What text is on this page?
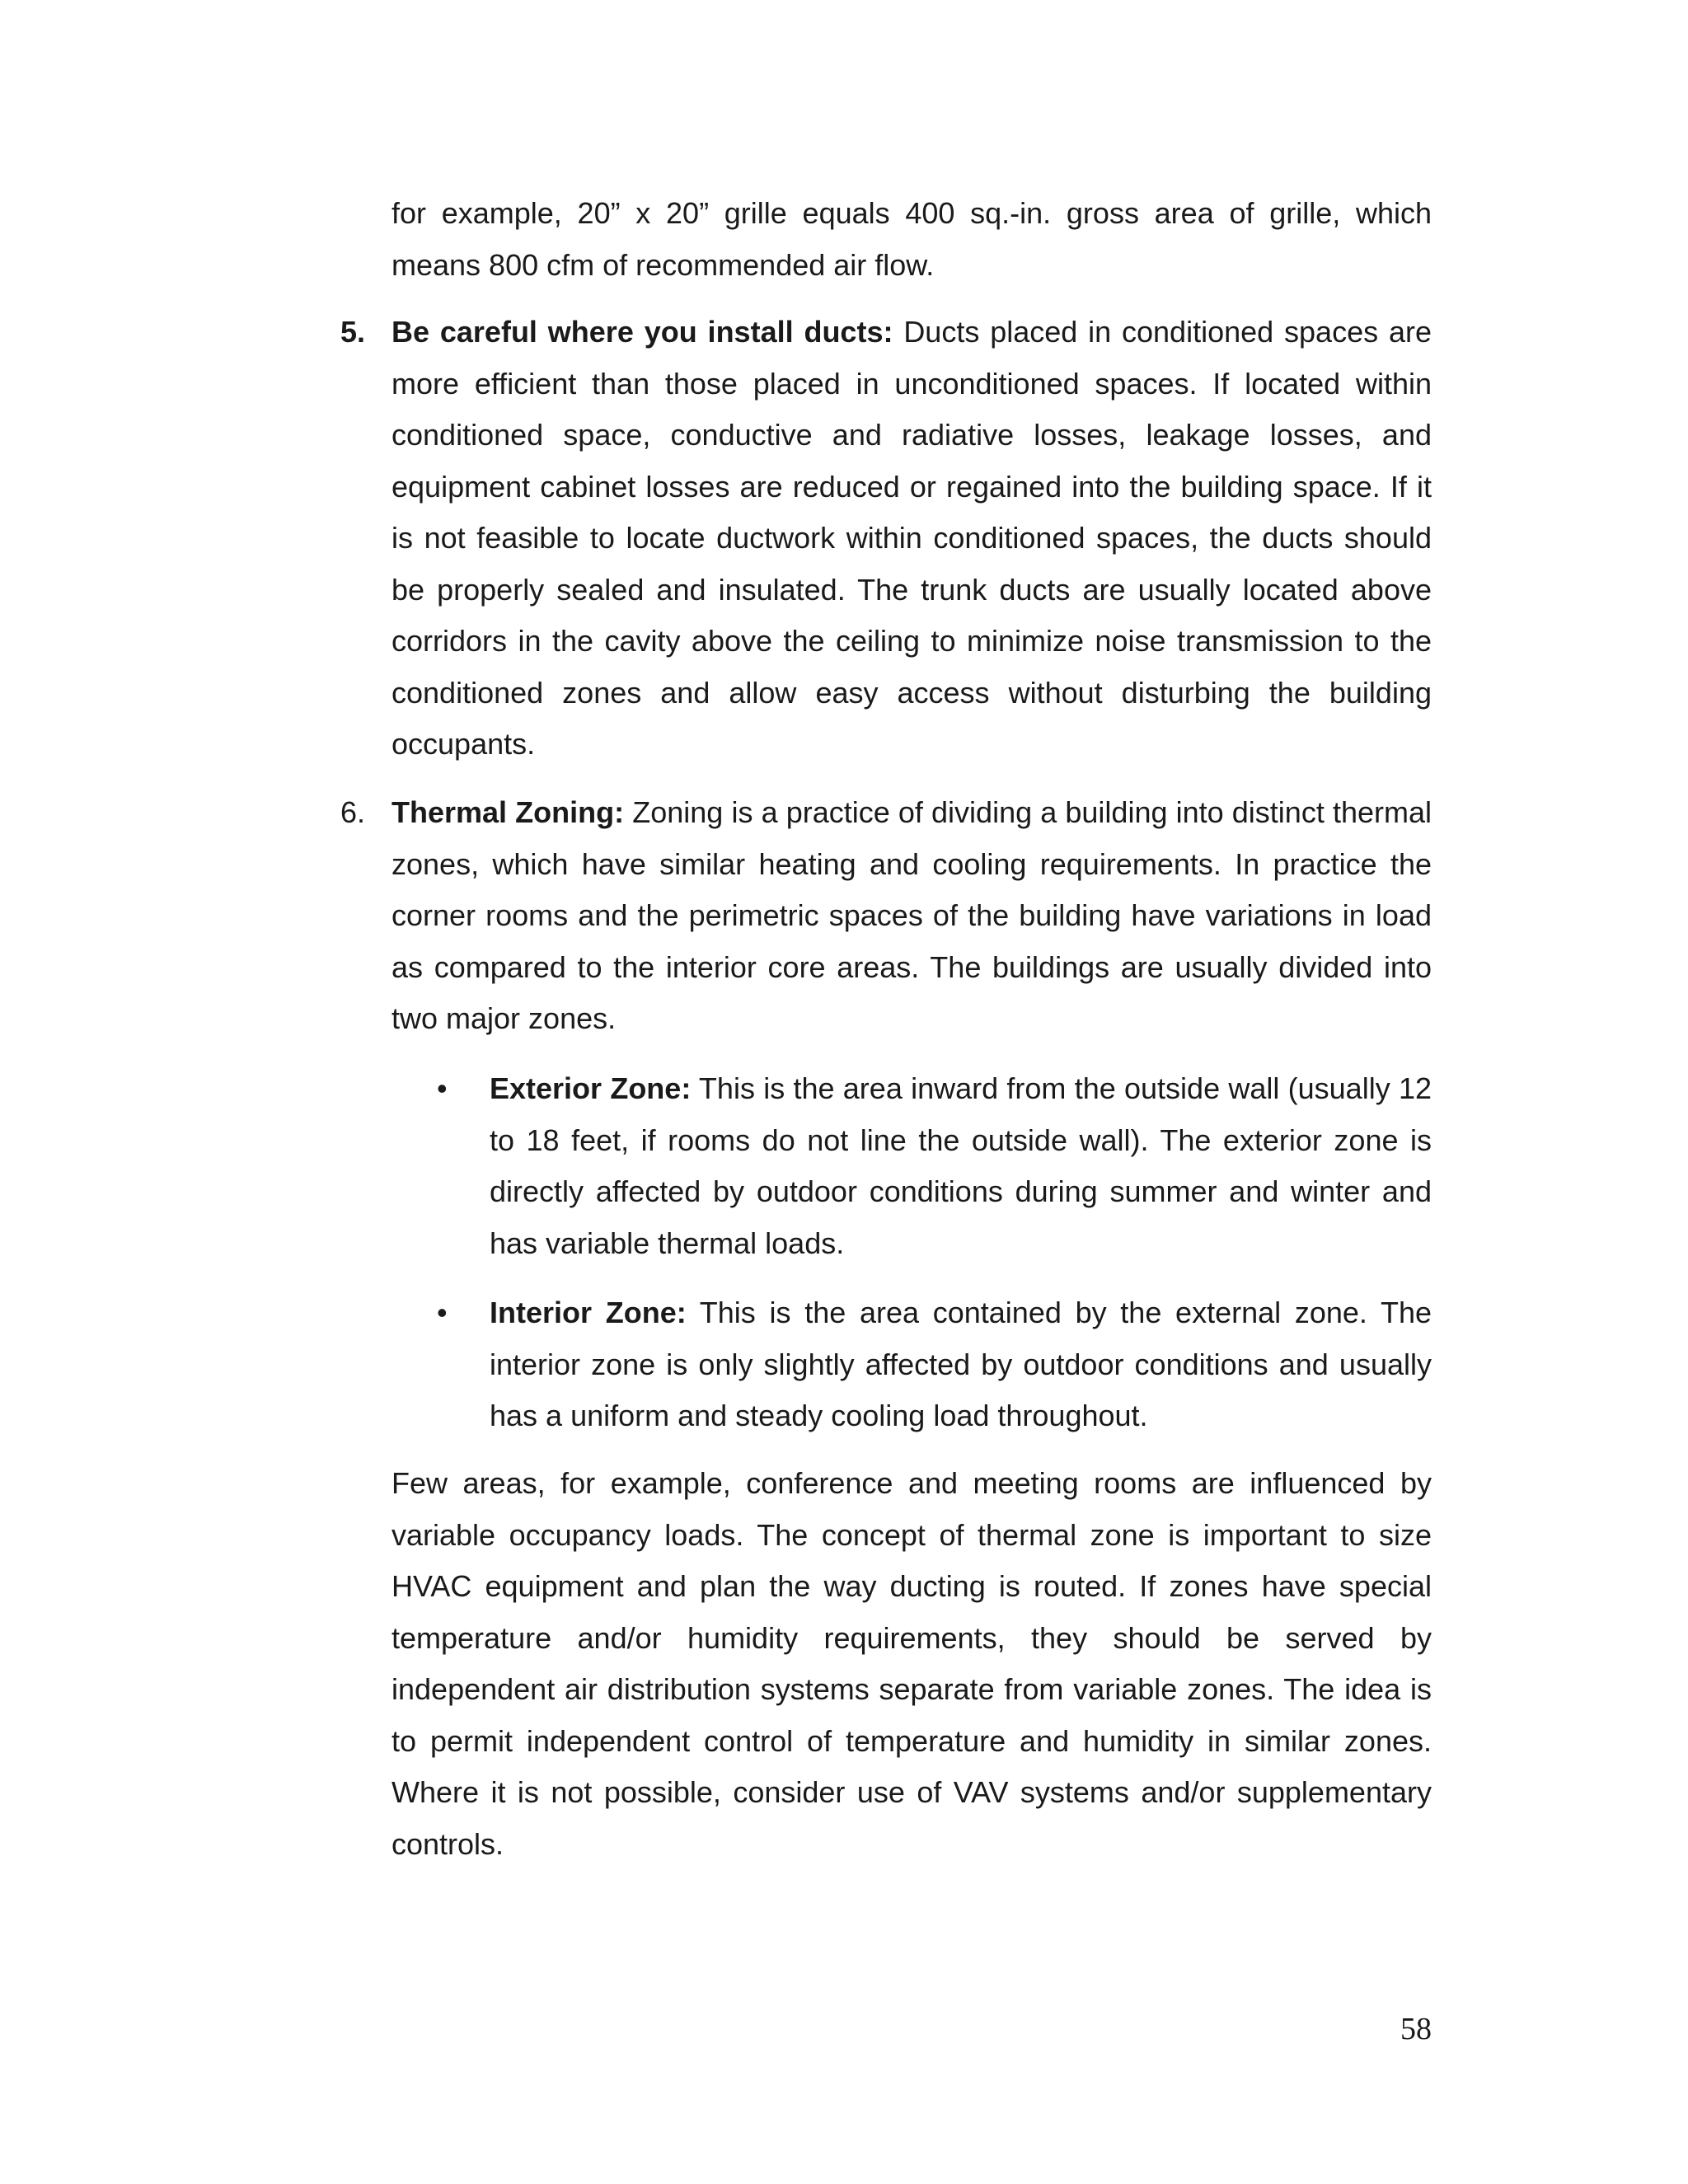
for example, 20” x 20” grille equals 400 sq.-in. gross area of grille, which means 800 cfm of recommended air flow.

5. Be careful where you install ducts: Ducts placed in conditioned spaces are more efficient than those placed in unconditioned spaces. If located within conditioned space, conductive and radiative losses, leakage losses, and equipment cabinet losses are reduced or regained into the building space. If it is not feasible to locate ductwork within conditioned spaces, the ducts should be properly sealed and insulated. The trunk ducts are usually located above corridors in the cavity above the ceiling to minimize noise transmission to the conditioned zones and allow easy access without disturbing the building occupants.
6. Thermal Zoning: Zoning is a practice of dividing a building into distinct thermal zones, which have similar heating and cooling requirements. In practice the corner rooms and the perimetric spaces of the building have variations in load as compared to the interior core areas. The buildings are usually divided into two major zones.
• Exterior Zone: This is the area inward from the outside wall (usually 12 to 18 feet, if rooms do not line the outside wall). The exterior zone is directly affected by outdoor conditions during summer and winter and has variable thermal loads.
• Interior Zone: This is the area contained by the external zone. The interior zone is only slightly affected by outdoor conditions and usually has a uniform and steady cooling load throughout.

Few areas, for example, conference and meeting rooms are influenced by variable occupancy loads. The concept of thermal zone is important to size HVAC equipment and plan the way ducting is routed. If zones have special temperature and/or humidity requirements, they should be served by independent air distribution systems separate from variable zones. The idea is to permit independent control of temperature and humidity in similar zones. Where it is not possible, consider use of VAV systems and/or supplementary controls.

58
